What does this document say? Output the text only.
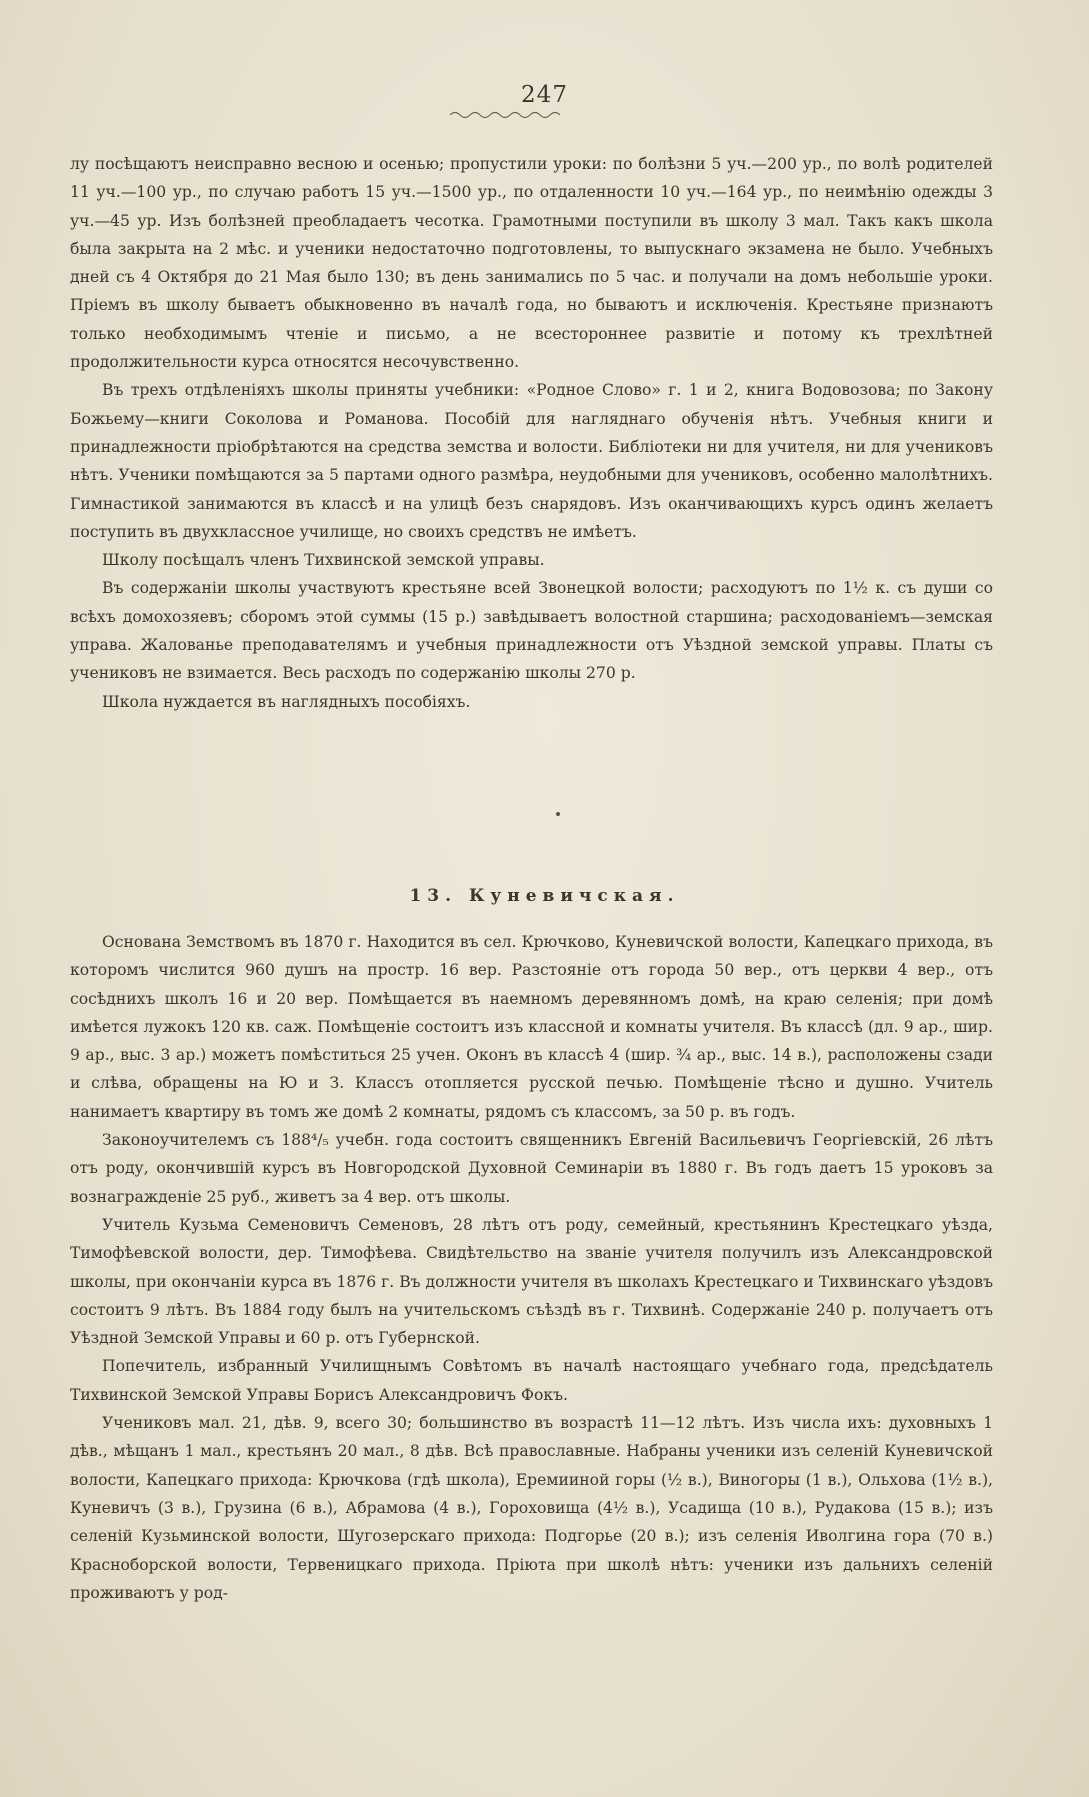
247

лу посѣщаютъ неисправно весною и осенью; пропустили уроки: по болѣзни 5 уч.—200 ур., по волѣ родителей 11 уч.—100 ур., по случаю работъ 15 уч.—1500 ур., по отдаленности 10 уч.—164 ур., по неимѣнію одежды 3 уч.—45 ур. Изъ болѣзней преобладаетъ чесотка. Грамотными поступили въ школу 3 мал. Такъ какъ школа была закрыта на 2 мѣс. и ученики недостаточно подготовлены, то выпускнаго экзамена не было. Учебныхъ дней съ 4 Октября до 21 Мая было 130; въ день занимались по 5 час. и получали на домъ небольшіе уроки. Пріемъ въ школу бываетъ обыкновенно въ началѣ года, но бываютъ и исключенія. Крестьяне признаютъ только необходимымъ чтеніе и письмо, а не всестороннее развитіе и потому къ трехлѣтней продолжительности курса относятся несочувственно.

Въ трехъ отдѣленіяхъ школы приняты учебники: «Родное Слово» г. 1 и 2, книга Водовозова; по Закону Божьему—книги Соколова и Романова. Пособій для нагляднаго обученія нѣтъ. Учебныя книги и принадлежности пріобрѣтаются на средства земства и волости. Библіотеки ни для учителя, ни для учениковъ нѣтъ. Ученики помѣщаются за 5 партами одного размѣра, неудобными для учениковъ, особенно малолѣтнихъ. Гимнастикой занимаются въ классѣ и на улицѣ безъ снарядовъ. Изъ оканчивающихъ курсъ одинъ желаетъ поступить въ двухклассное училище, но своихъ средствъ не имѣетъ.

Школу посѣщалъ членъ Тихвинской земской управы.

Въ содержаніи школы участвуютъ крестьяне всей Звонецкой волости; расходуютъ по 1½ к. съ души со всѣхъ домохозяевъ; сборомъ этой суммы (15 р.) завѣдываетъ волостной старшина; расходованіемъ—земская управа. Жалованье преподавателямъ и учебныя принадлежности отъ Уѣздной земской управы. Платы съ учениковъ не взимается. Весь расходъ по содержанію школы 270 р.

Школа нуждается въ наглядныхъ пособіяхъ.

13. Куневичская.

Основана Земствомъ въ 1870 г. Находится въ сел. Крючково, Куневичской волости, Капецкаго прихода, въ которомъ числится 960 душъ на простр. 16 вер. Разстояніе отъ города 50 вер., отъ церкви 4 вер., отъ сосѣднихъ школъ 16 и 20 вер. Помѣщается въ наемномъ деревянномъ домѣ, на краю селенія; при домѣ имѣется лужокъ 120 кв. саж. Помѣщеніе состоитъ изъ классной и комнаты учителя. Въ классѣ (дл. 9 ар., шир. 9 ар., выс. 3 ар.) можетъ помѣститься 25 учен. Оконъ въ классѣ 4 (шир. ¾ ар., выс. 14 в.), расположены сзади и слѣва, обращены на Ю и З. Классъ отопляется русской печью. Помѣщеніе тѣсно и душно. Учитель нанимаетъ квартиру въ томъ же домѣ 2 комнаты, рядомъ съ классомъ, за 50 р. въ годъ.

Законоучителемъ съ 188⁴/₅ учебн. года состоитъ священникъ Евгеній Васильевичъ Георгіевскій, 26 лѣтъ отъ роду, окончившій курсъ въ Новгородской Духовной Семинаріи въ 1880 г. Въ годъ даетъ 15 уроковъ за вознагражденіе 25 руб., живетъ за 4 вер. отъ школы.

Учитель Кузьма Семеновичъ Семеновъ, 28 лѣтъ отъ роду, семейный, крестьянинъ Крестецкаго уѣзда, Тимофѣевской волости, дер. Тимофѣева. Свидѣтельство на званіе учителя получилъ изъ Александровской школы, при окончаніи курса въ 1876 г. Въ должности учителя въ школахъ Крестецкаго и Тихвинскаго уѣздовъ состоитъ 9 лѣтъ. Въ 1884 году былъ на учительскомъ съѣздѣ въ г. Тихвинѣ. Содержаніе 240 р. получаетъ отъ Уѣздной Земской Управы и 60 р. отъ Губернской.

Попечитель, избранный Училищнымъ Совѣтомъ въ началѣ настоящаго учебнаго года, предсѣдатель Тихвинской Земской Управы Борисъ Александровичъ Фокъ.

Учениковъ мал. 21, дѣв. 9, всего 30; большинство въ возрастѣ 11—12 лѣтъ. Изъ числа ихъ: духовныхъ 1 дѣв., мѣщанъ 1 мал., крестьянъ 20 мал., 8 дѣв. Всѣ православные. Набраны ученики изъ селеній Куневичской волости, Капецкаго прихода: Крючкова (гдѣ школа), Еремииной горы (½ в.), Виногоры (1 в.), Ольхова (1½ в.), Куневичъ (3 в.), Грузина (6 в.), Абрамова (4 в.), Гороховища (4½ в.), Усадища (10 в.), Рудакова (15 в.); изъ селеній Кузьминской волости, Шугозерскаго прихода: Подгорье (20 в.); изъ селенія Иволгина гора (70 в.) Краснoборской волости, Тервеницкаго прихода. Пріюта при школѣ нѣтъ: ученики изъ дальнихъ селеній проживаютъ у род-
